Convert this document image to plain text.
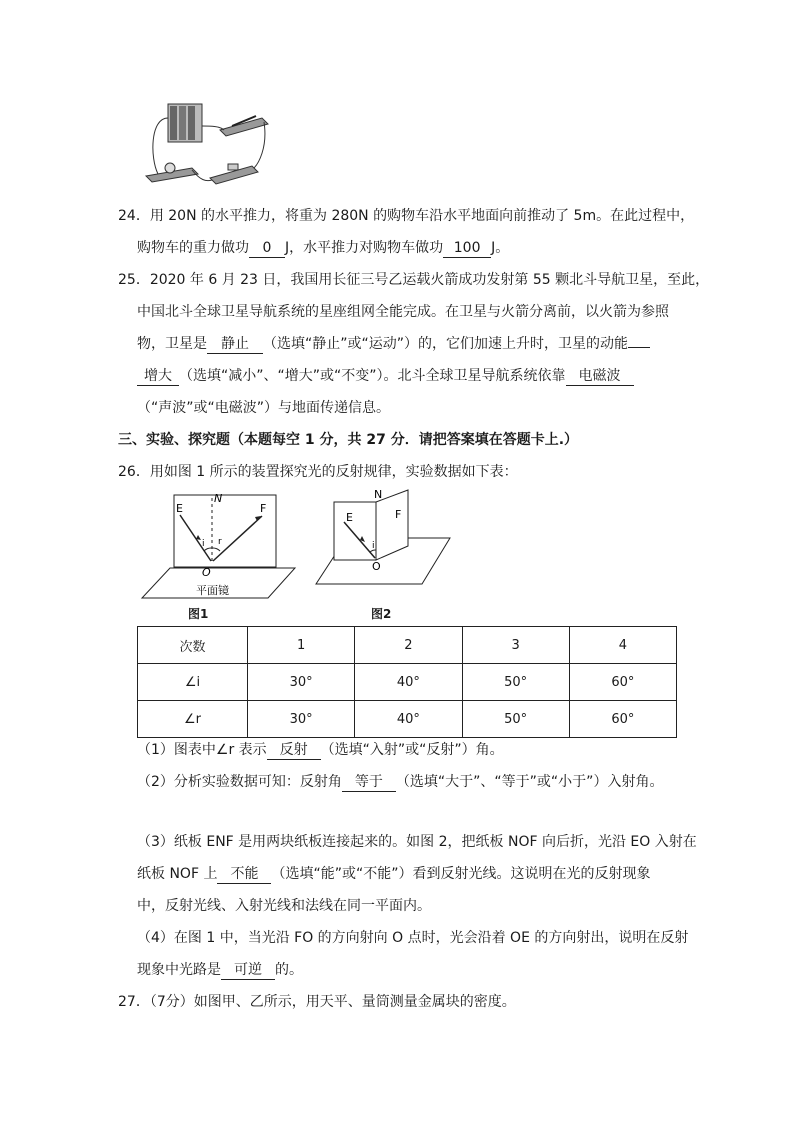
24．用 20N 的水平推力，将重为 280N 的购物车沿水平地面向前推动了 5m。在此过程中，
购物车的重力做功 0 J，水平推力对购物车做功 100 J。
25．2020 年 6 月 23 日，我国用长征三号乙运载火箭成功发射第 55 颗北斗导航卫星，至此，
中国北斗全球卫星导航系统的星座组网全能完成。在卫星与火箭分离前，以火箭为参照
物，卫星是 静止 （选填“静止”或“运动”）的，它们加速上升时，卫星的动能
增大 （选填“减小”、“增大”或“不变”）。北斗全球卫星导航系统依靠 电磁波
（“声波”或“电磁波”）与地面传递信息。
三、实验、探究题（本题每空 1 分，共 27 分．请把答案填在答题卡上.）
26．用如图 1 所示的装置探究光的反射规律，实验数据如下表：
N
E	F
i r
O
平面镜
图1
N
E	F
i
O
图2
次数	1	2	3	4
∠i	30°	40°	50°	60°
∠r	30°	40°	50°	60°
（1）图表中∠r 表示 反射 （选填“入射”或“反射”）角。
（2）分析实验数据可知：反射角 等于 （选填“大于”、“等于”或“小于”）入射角。
（3）纸板 ENF 是用两块纸板连接起来的。如图 2，把纸板 NOF 向后折，光沿 EO 入射在
纸板 NOF 上 不能 （选填“能”或“不能”）看到反射光线。这说明在光的反射现象
中，反射光线、入射光线和法线在同一平面内。
（4）在图 1 中，当光沿 FO 的方向射向 O 点时，光会沿着 OE 的方向射出，说明在反射
现象中光路是 可逆 的。
27．（7分）如图甲、乙所示，用天平、量筒测量金属块的密度。
